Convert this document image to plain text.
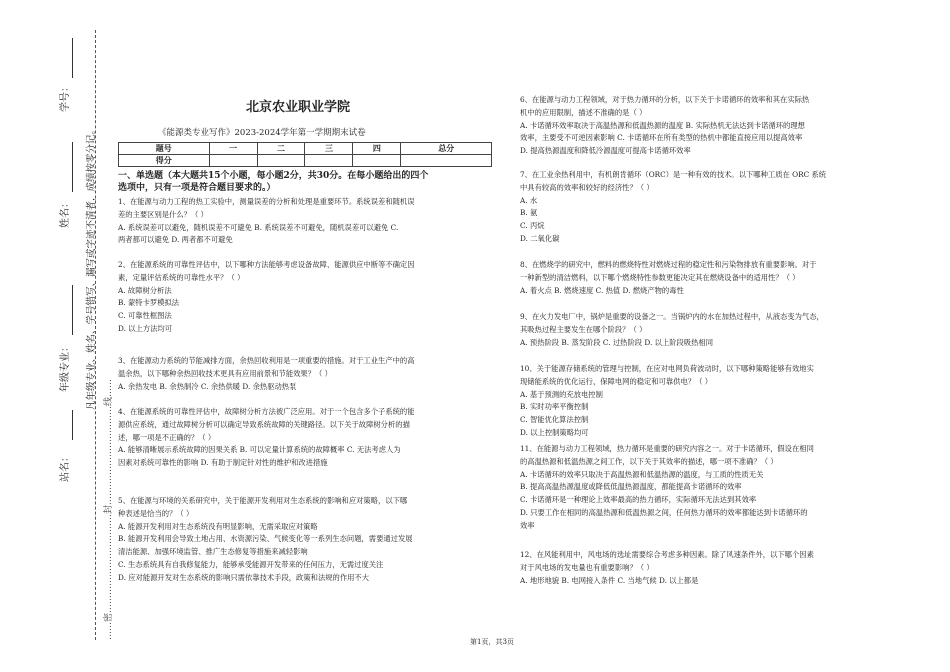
学号：
姓名：
年级专业：
站名：	……密……………………………封……………………………线……
凡年级专业、姓名、学号错写、漏写或字迹不清者，成绩按零分记。
北京农业职业学院
《能源类专业写作》2023-2024学年第一学期期末试卷
题号	一	二	三	四	总分
得分					
一、单选题（本大题共15个小题，每小题2分，共30分。在每小题给出的四个
选项中，只有一项是符合题目要求的。）

1、在能源与动力工程的热工实验中，测量误差的分析和处理是重要环节。系统误差和随机误

差的主要区别是什么？（ ）

A. 系统误差可以避免，随机误差不可避免 B. 系统误差不可避免，随机误差可以避免 C.

两者都可以避免 D. 两者都不可避免

2、在能源系统的可靠性评估中，以下哪种方法能够考虑设备故障、能源供应中断等不确定因

素，定量评估系统的可靠性水平？（ ）

A. 故障树分析法

B. 蒙特卡罗模拟法

C. 可靠性框图法

D. 以上方法均可

3、在能源动力系统的节能减排方面，余热回收利用是一项重要的措施。对于工业生产中的高

温余热，以下哪种余热回收技术更具有应用前景和节能效果？（ ）

A. 余热发电 B. 余热制冷 C. 余热供暖 D. 余热驱动热泵

4、在能源系统的可靠性评估中，故障树分析方法被广泛应用。对于一个包含多个子系统的能

源供应系统，通过故障树分析可以确定导致系统故障的关键路径。以下关于故障树分析的描

述，哪一项是不正确的？（ ）

A. 能够清晰展示系统故障的因果关系 B. 可以定量计算系统的故障概率 C. 无法考虑人为

因素对系统可靠性的影响 D. 有助于制定针对性的维护和改进措施

5、在能源与环境的关系研究中，关于能源开发利用对生态系统的影响和应对策略，以下哪

种表述是恰当的？（ ）

A. 能源开发利用对生态系统没有明显影响，无需采取应对策略

B. 能源开发利用会导致土地占用、水资源污染、气候变化等一系列生态问题，需要通过发展

清洁能源、加强环境监管、推广生态修复等措施来减轻影响

C. 生态系统具有自我修复能力，能够承受能源开发带来的任何压力，无需过度关注

D. 应对能源开发对生态系统的影响只需依靠技术手段，政策和法规的作用不大

6、在能源与动力工程领域，对于热力循环的分析，以下关于卡诺循环的效率和其在实际热

机中的应用限制，描述不准确的是（ ）

A. 卡诺循环效率取决于高温热源和低温热源的温度 B. 实际热机无法达到卡诺循环的理想

效率，主要受不可逆因素影响 C. 卡诺循环在所有类型的热机中都能直接应用以提高效率

D. 提高热源温度和降低冷源温度可提高卡诺循环效率

7、在工业余热利用中，有机朗肯循环（ORC）是一种有效的技术。以下哪种工质在 ORC 系统

中具有较高的效率和较好的经济性？（ ）

A. 水

B. 氨

C. 丙烷

D. 二氧化碳

8、在燃烧学的研究中，燃料的燃烧特性对燃烧过程的稳定性和污染物排放有重要影响。对于

一种新型的清洁燃料，以下哪个燃烧特性参数更能决定其在燃烧设备中的适用性？（ ）

A. 着火点 B. 燃烧速度 C. 热值 D. 燃烧产物的毒性

9、在火力发电厂中，锅炉是重要的设备之一。当锅炉内的水在加热过程中，从液态变为气态，

其吸热过程主要发生在哪个阶段？（ ）

A. 预热阶段 B. 蒸发阶段 C. 过热阶段 D. 以上阶段吸热相同

10、关于能源存储系统的管理与控制，在应对电网负荷波动时，以下哪种策略能够有效地实

现储能系统的优化运行，保障电网的稳定和可靠供电？（ ）

A. 基于预测的充放电控制

B. 实时功率平衡控制

C. 智能优化算法控制

D. 以上控制策略均可

11、在能源与动力工程领域，热力循环是重要的研究内容之一。对于卡诺循环，假设在相同

的高温热源和低温热源之间工作，以下关于其效率的描述，哪一项不准确？（ ）

A. 卡诺循环的效率只取决于高温热源和低温热源的温度，与工质的性质无关

B. 提高高温热源温度或降低低温热源温度，都能提高卡诺循环的效率

C. 卡诺循环是一种理论上效率最高的热力循环，实际循环无法达到其效率

D. 只要工作在相同的高温热源和低温热源之间，任何热力循环的效率都能达到卡诺循环的

效率

12、在风能利用中，风电场的选址需要综合考虑多种因素。除了风速条件外，以下哪个因素

对于风电场的发电量也有重要影响？（ ）

A. 地形地貌 B. 电网接入条件 C. 当地气候 D. 以上都是

第1页，共3页
